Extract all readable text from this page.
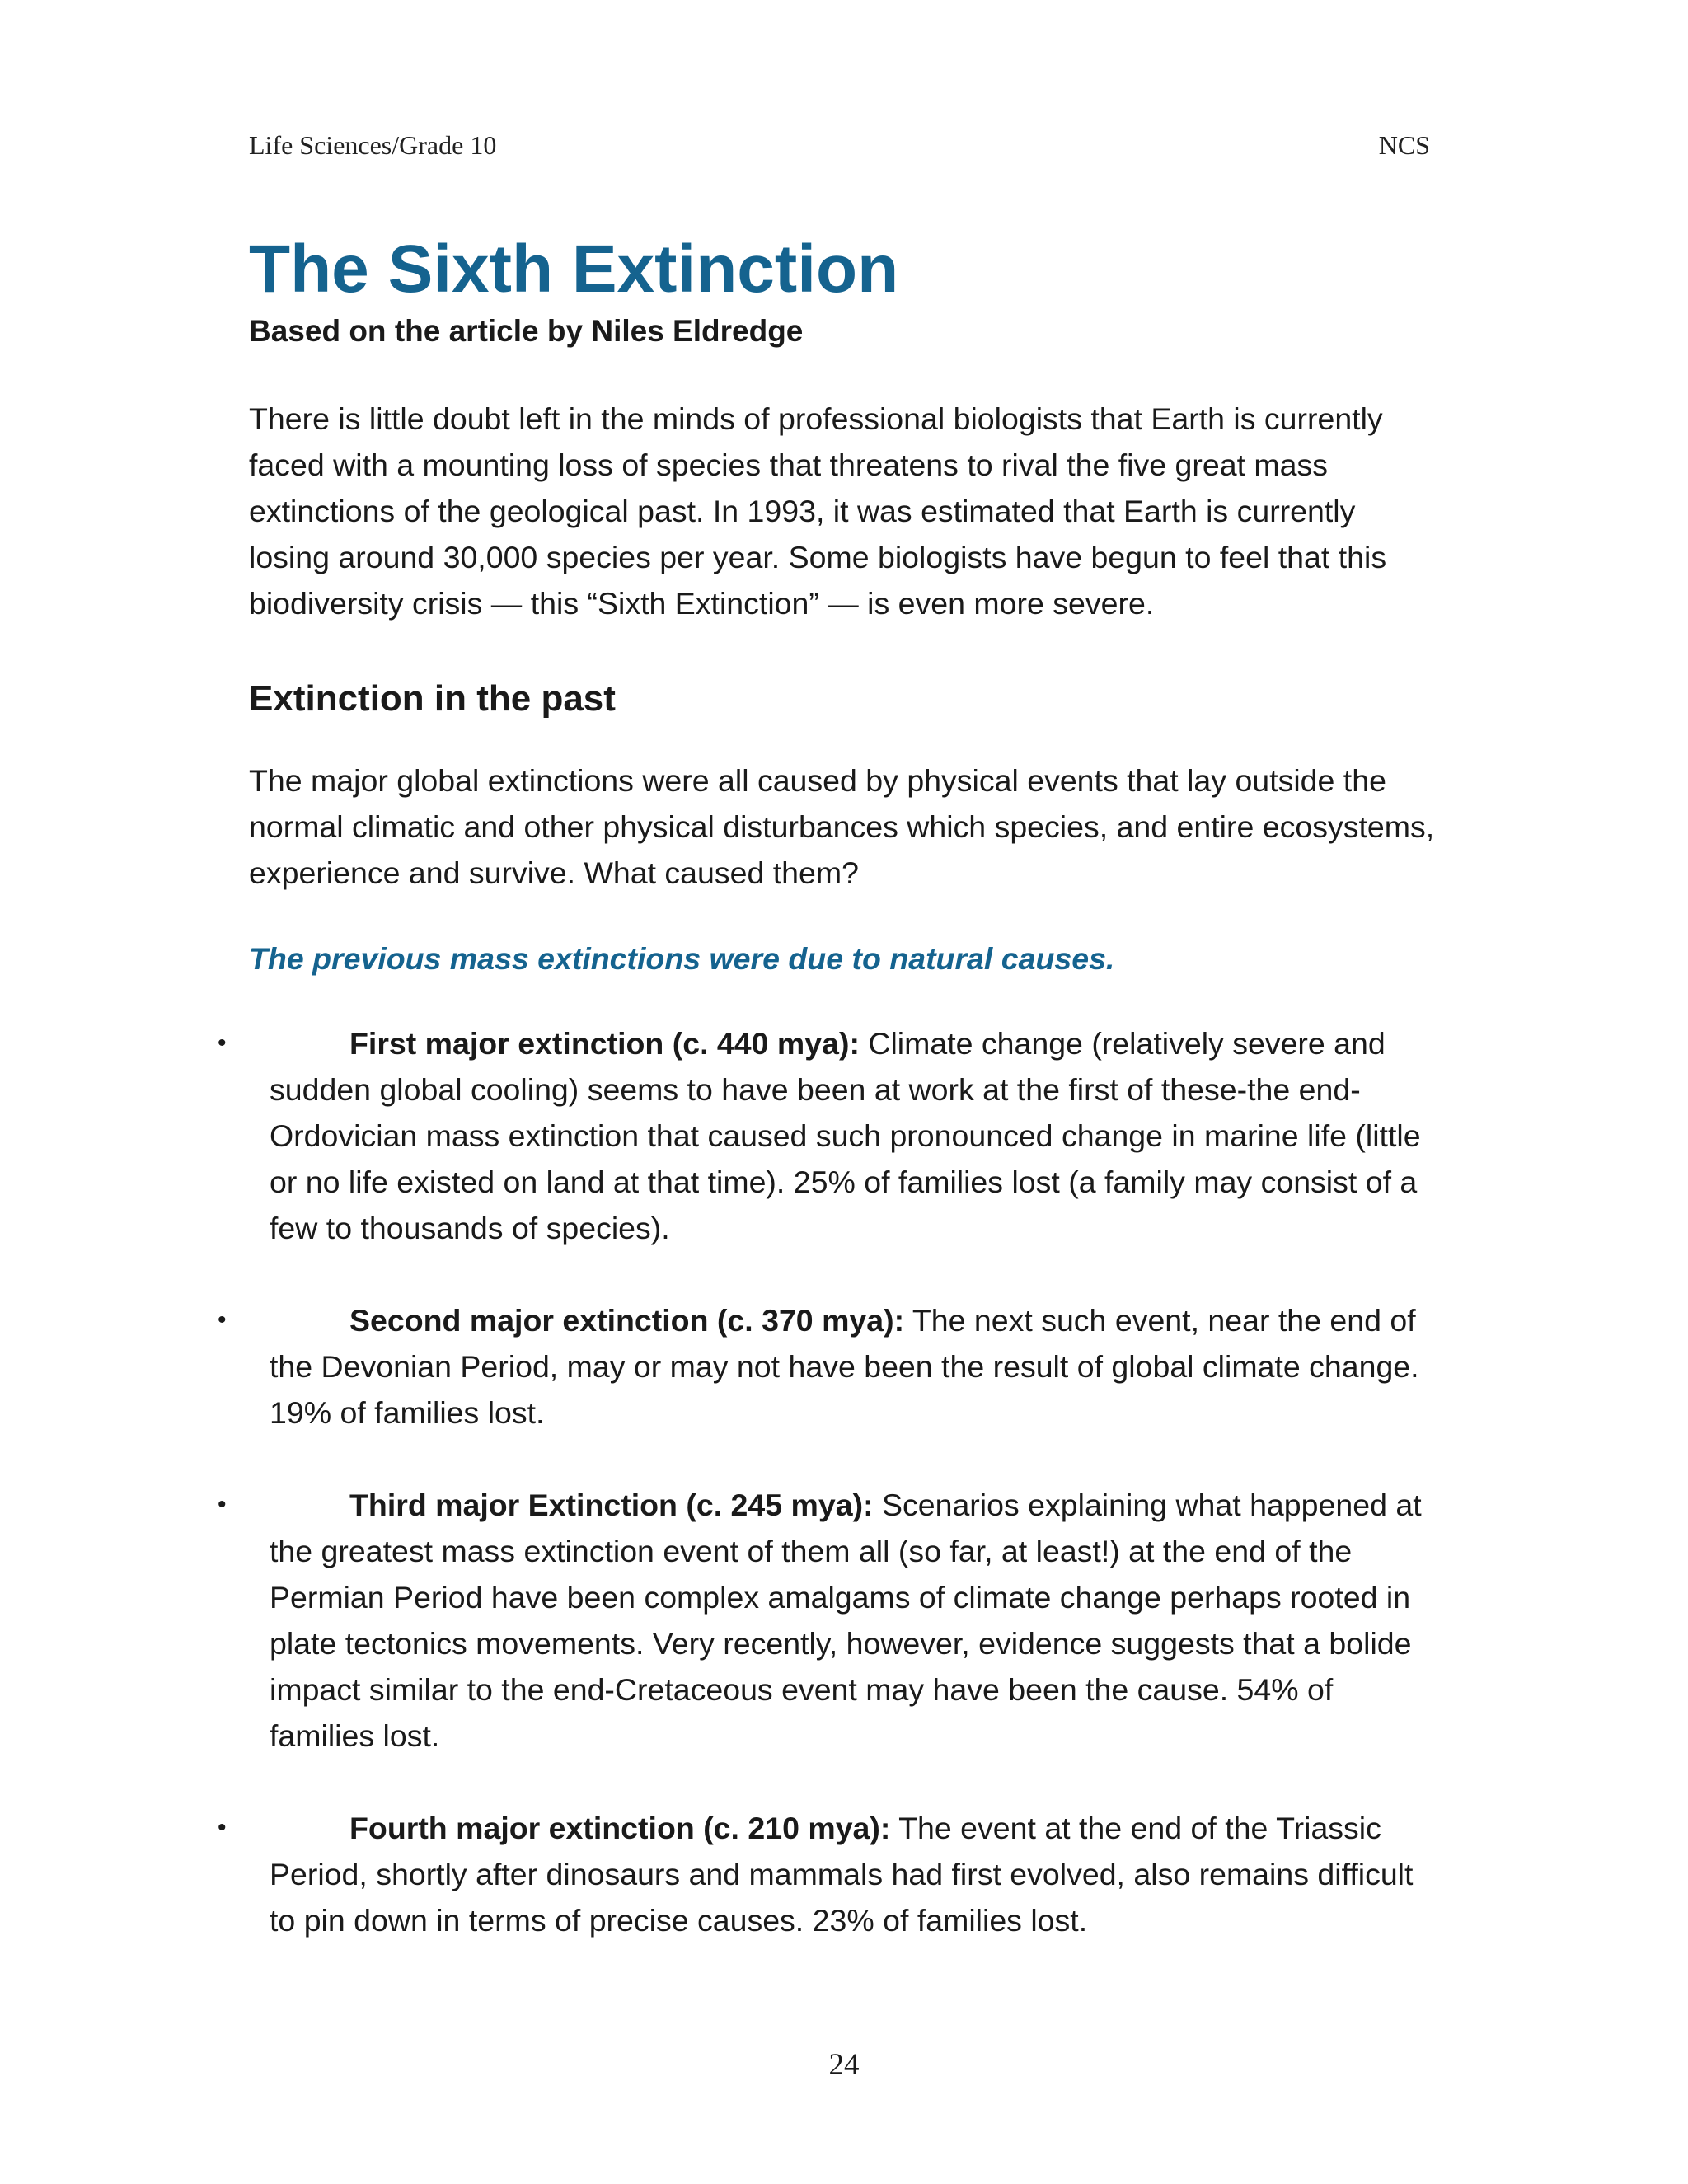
Life Sciences/Grade 10	NCS
The Sixth Extinction

Based on the article by Niles Eldredge

There is little doubt left in the minds of professional biologists that Earth is currently faced with a mounting loss of species that threatens to rival the five great mass extinctions of the geological past. In 1993, it was estimated that Earth is currently losing around 30,000 species per year. Some biologists have begun to feel that this biodiversity crisis — this “Sixth Extinction” — is even more severe.

Extinction in the past

The major global extinctions were all caused by physical events that lay outside the normal climatic and other physical disturbances which species, and entire ecosystems, experience and survive. What caused them?

The previous mass extinctions were due to natural causes.

•	First major extinction (c. 440 mya): Climate change (relatively severe and sudden global cooling) seems to have been at work at the first of these-the end-Ordovician mass extinction that caused such pronounced change in marine life (little or no life existed on land at that time). 25% of families lost (a family may consist of a few to thousands of species).
•	Second major extinction (c. 370 mya): The next such event, near the end of the Devonian Period, may or may not have been the result of global climate change. 19% of families lost.
•	Third major Extinction (c. 245 mya): Scenarios explaining what happened at the greatest mass extinction event of them all (so far, at least!) at the end of the Permian Period have been complex amalgams of climate change perhaps rooted in plate tectonics movements. Very recently, however, evidence suggests that a bolide impact similar to the end-Cretaceous event may have been the cause. 54% of families lost.
•	Fourth major extinction (c. 210 mya): The event at the end of the Triassic Period, shortly after dinosaurs and mammals had first evolved, also remains difficult to pin down in terms of precise causes. 23% of families lost.
24
